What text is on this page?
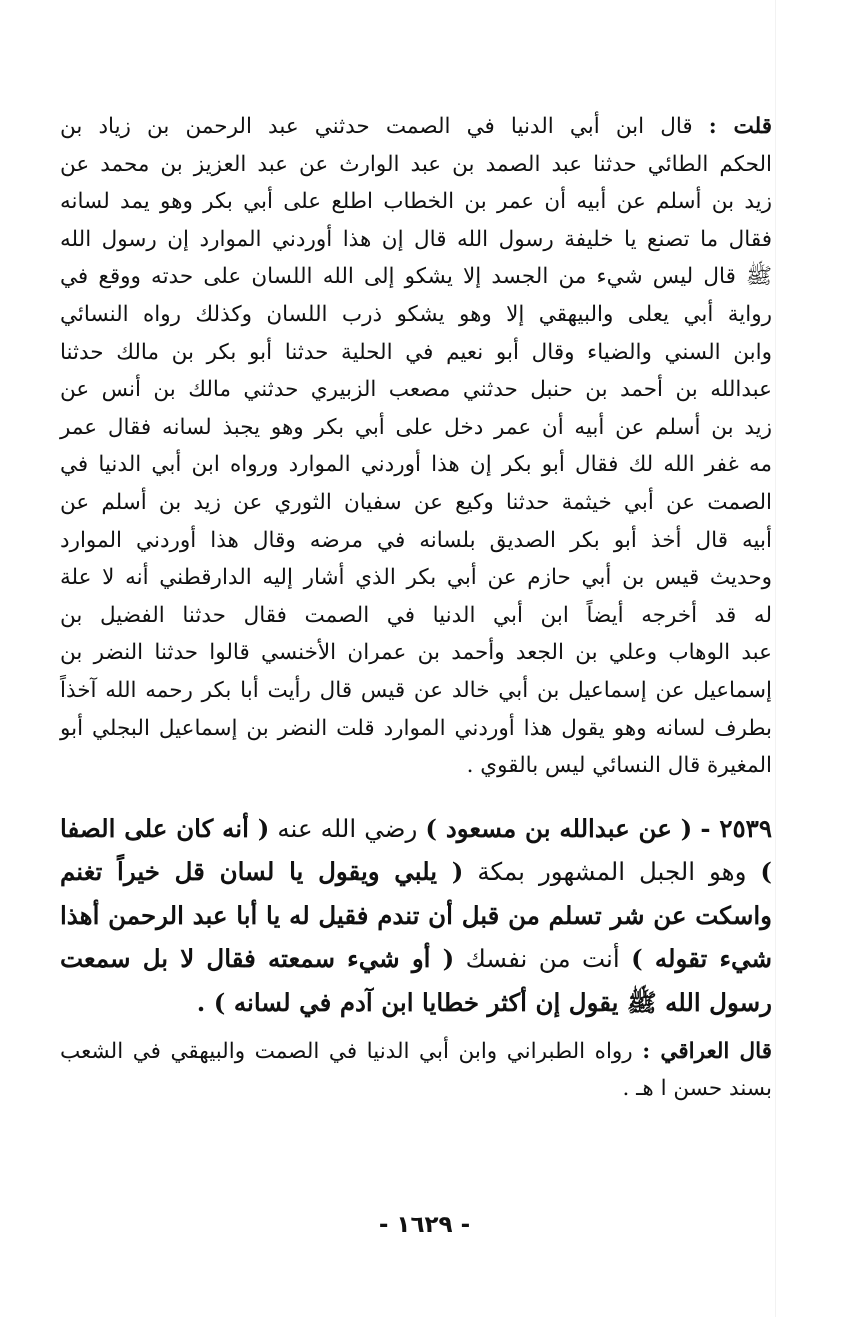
قلت : قال ابن أبي الدنيا في الصمت حدثني عبد الرحمن بن زياد بن
الحكم الطائي حدثنا عبد الصمد بن عبد الوارث عن عبد العزيز بن محمد عن
زيد بن أسلم عن أبيه أن عمر بن الخطاب اطلع على أبي بكر وهو يمد لسانه
فقال ما تصنع يا خليفة رسول الله قال إن هذا أوردني الموارد إن رسول الله
ﷺ قال ليس شيء من الجسد إلا يشكو إلى الله اللسان على حدته ووقع في
رواية أبي يعلى والبيهقي إلا وهو يشكو ذرب اللسان وكذلك رواه النسائي
وابن السني والضياء وقال أبو نعيم في الحلية حدثنا أبو بكر بن مالك حدثنا
عبدالله بن أحمد بن حنبل حدثني مصعب الزبيري حدثني مالك بن أنس عن
زيد بن أسلم عن أبيه أن عمر دخل على أبي بكر وهو يجبذ لسانه فقال عمر
مه غفر الله لك فقال أبو بكر إن هذا أوردني الموارد ورواه ابن أبي الدنيا في
الصمت عن أبي خيثمة حدثنا وكيع عن سفيان الثوري عن زيد بن أسلم عن
أبيه قال أخذ أبو بكر الصديق بلسانه في مرضه وقال هذا أوردني الموارد
وحديث قيس بن أبي حازم عن أبي بكر الذي أشار إليه الدارقطني أنه لا علة
له قد أخرجه أيضاً ابن أبي الدنيا في الصمت فقال حدثنا الفضيل بن
عبد الوهاب وعلي بن الجعد وأحمد بن عمران الأخنسي قالوا حدثنا النضر بن
إسماعيل عن إسماعيل بن أبي خالد عن قيس قال رأيت أبا بكر رحمه الله آخذاً
بطرف لسانه وهو يقول هذا أوردني الموارد قلت النضر بن إسماعيل البجلي أبو
المغيرة قال النسائي ليس بالقوي .
٢٥٣٩ - ( عن عبدالله بن مسعود ) رضي الله عنه ( أنه كان على الصفا ) وهو الجبل المشهور بمكة ( يلبي ويقول يا لسان قل خيراً تغنم واسكت عن شر تسلم من قبل أن تندم فقيل له يا أبا عبد الرحمن أهذا شيء تقوله ) أنت من نفسك ( أو شيء سمعته فقال لا بل سمعت رسول الله ﷺ يقول إن أكثر خطايا ابن آدم في لسانه ) .
قال العراقي : رواه الطبراني وابن أبي الدنيا في الصمت والبيهقي في الشعب بسند حسن ا هـ .
- ١٦٢٩ -
